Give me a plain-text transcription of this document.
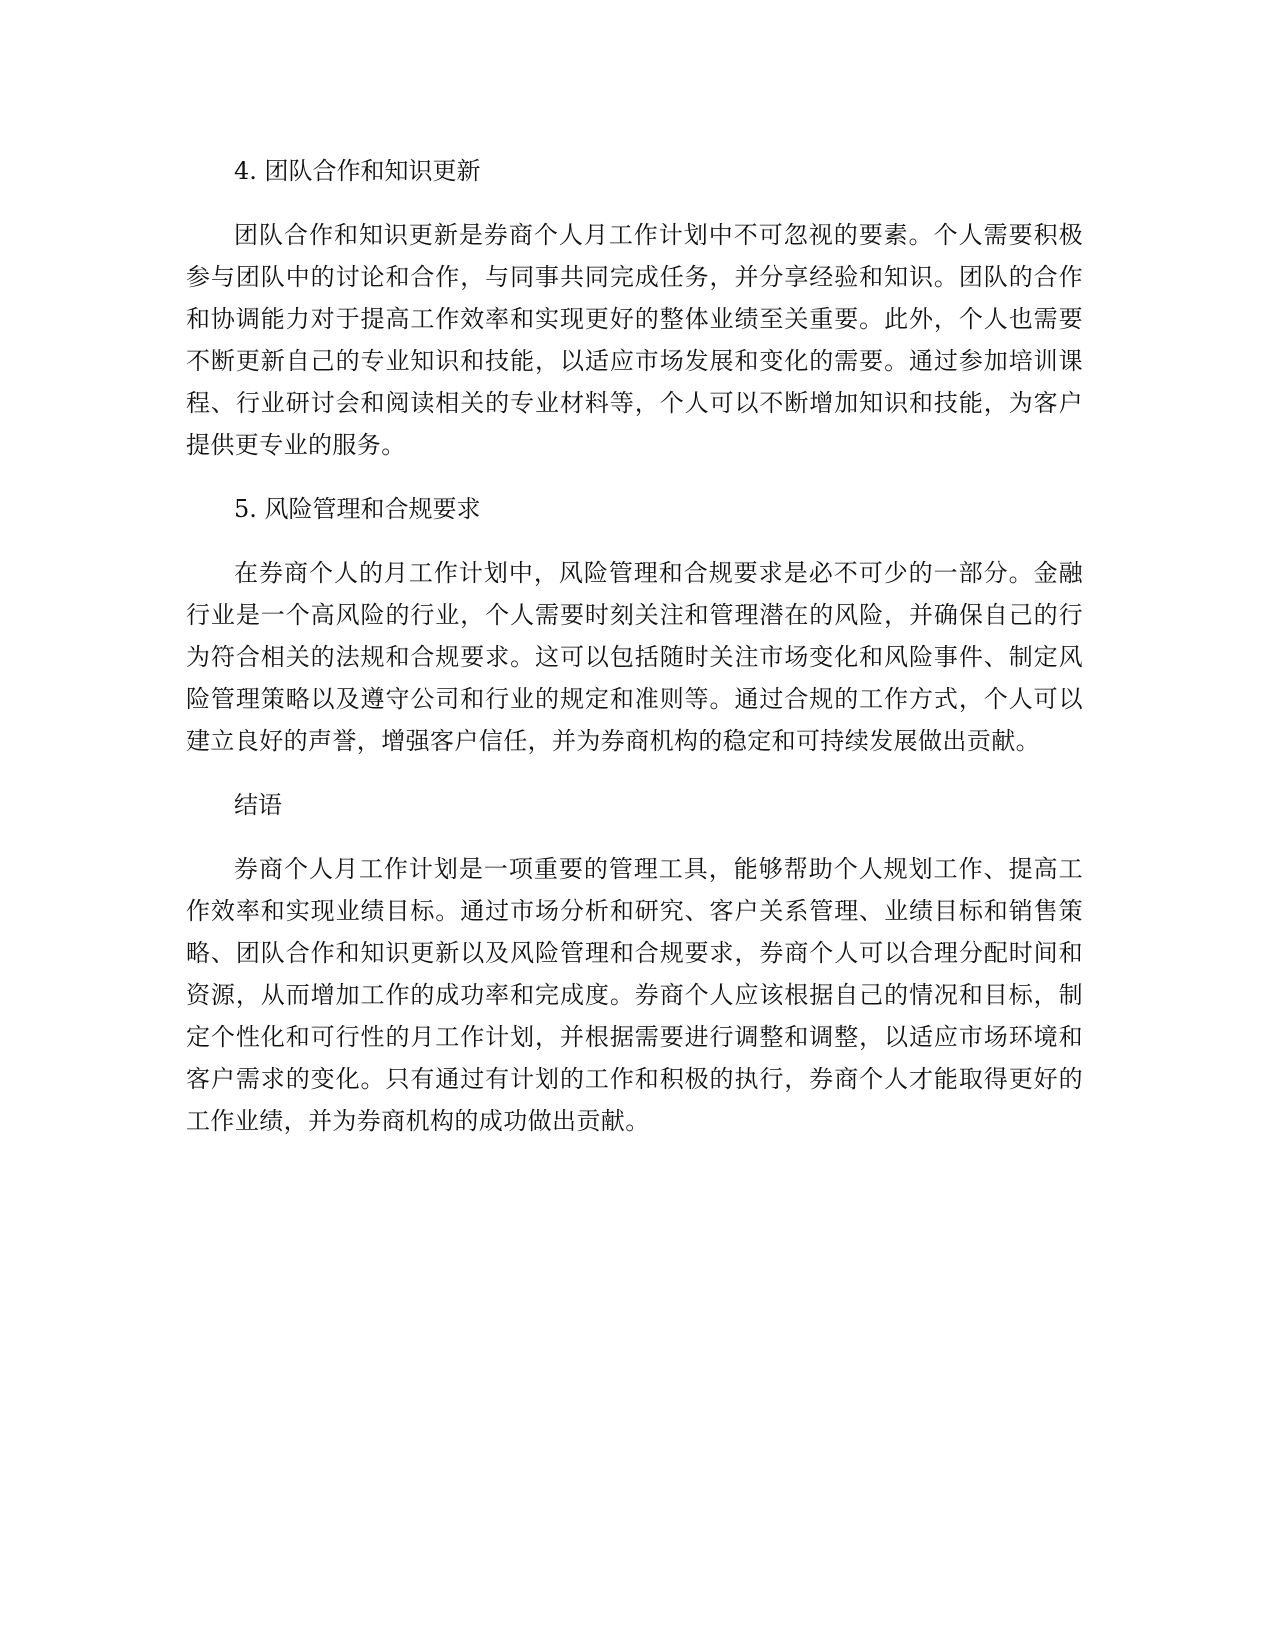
4. 团队合作和知识更新

团队合作和知识更新是券商个人月工作计划中不可忽视的要素。个人需要积极参与团队中的讨论和合作，与同事共同完成任务，并分享经验和知识。团队的合作和协调能力对于提高工作效率和实现更好的整体业绩至关重要。此外，个人也需要不断更新自己的专业知识和技能，以适应市场发展和变化的需要。通过参加培训课程、行业研讨会和阅读相关的专业材料等，个人可以不断增加知识和技能，为客户提供更专业的服务。

5. 风险管理和合规要求

在券商个人的月工作计划中，风险管理和合规要求是必不可少的一部分。金融行业是一个高风险的行业，个人需要时刻关注和管理潜在的风险，并确保自己的行为符合相关的法规和合规要求。这可以包括随时关注市场变化和风险事件、制定风险管理策略以及遵守公司和行业的规定和准则等。通过合规的工作方式，个人可以建立良好的声誉，增强客户信任，并为券商机构的稳定和可持续发展做出贡献。

结语

券商个人月工作计划是一项重要的管理工具，能够帮助个人规划工作、提高工作效率和实现业绩目标。通过市场分析和研究、客户关系管理、业绩目标和销售策略、团队合作和知识更新以及风险管理和合规要求，券商个人可以合理分配时间和资源，从而增加工作的成功率和完成度。券商个人应该根据自己的情况和目标，制定个性化和可行性的月工作计划，并根据需要进行调整和调整，以适应市场环境和客户需求的变化。只有通过有计划的工作和积极的执行，券商个人才能取得更好的工作业绩，并为券商机构的成功做出贡献。
